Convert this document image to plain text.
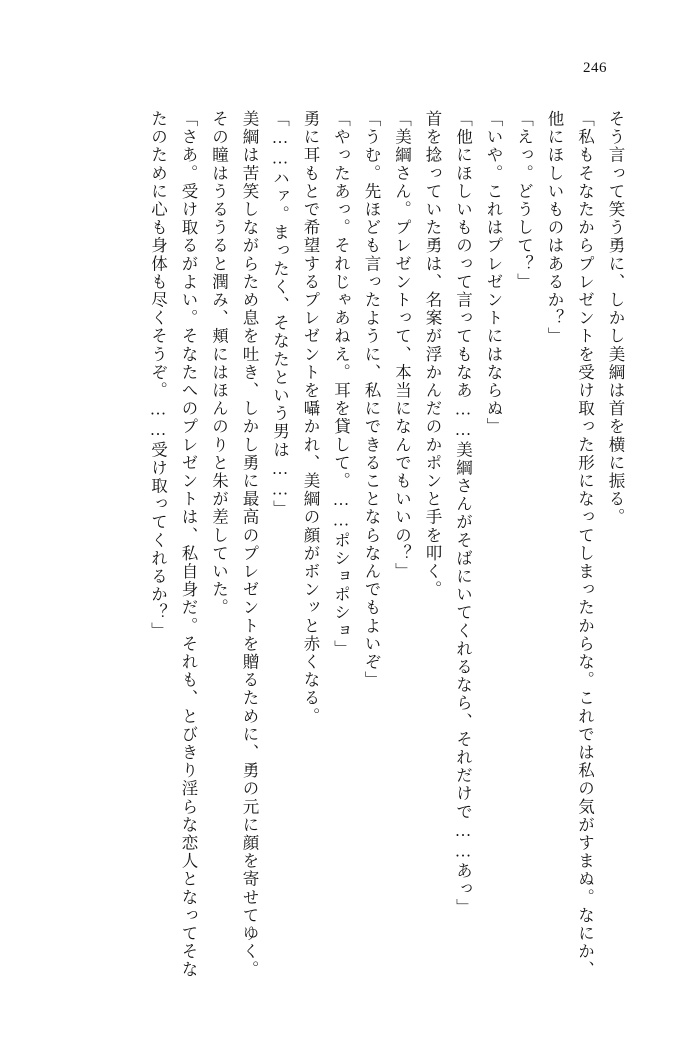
246

そう言って笑う勇に、しかし美綱は首を横に振る。

「私もそなたからプレゼントを受け取った形になってしまったからな。これでは私の気がすまぬ。なにか、他にほしいものはあるか？」

「えっ。どうして？」

「いや。これはプレゼントにはならぬ」

「他にほしいものって言ってもなあ……美綱さんがそばにいてくれるなら、それだけで……あっ」

首を捻っていた勇は、名案が浮かんだのかポンと手を叩く。

「美綱さん。プレゼントって、本当になんでもいいの？」

「うむ。先ほども言ったように、私にできることならなんでもよいぞ」

「やったあっ。それじゃあねえ。耳を貸して。……ポショポショ」

勇に耳もとで希望するプレゼントを囁かれ、美綱の顔がボンッと赤くなる。

「……ハァ。まったく、そなたという男は……」

美綱は苦笑しながらため息を吐き、しかし勇に最高のプレゼントを贈るために、勇の元に顔を寄せてゆく。その瞳はうるうると潤み、頬にはほんのりと朱が差していた。

「さあ。受け取るがよい。そなたへのプレゼントは、私自身だ。それも、とびきり淫らな恋人となってそなたのために心も身体も尽くそうぞ。……受け取ってくれるか？」
